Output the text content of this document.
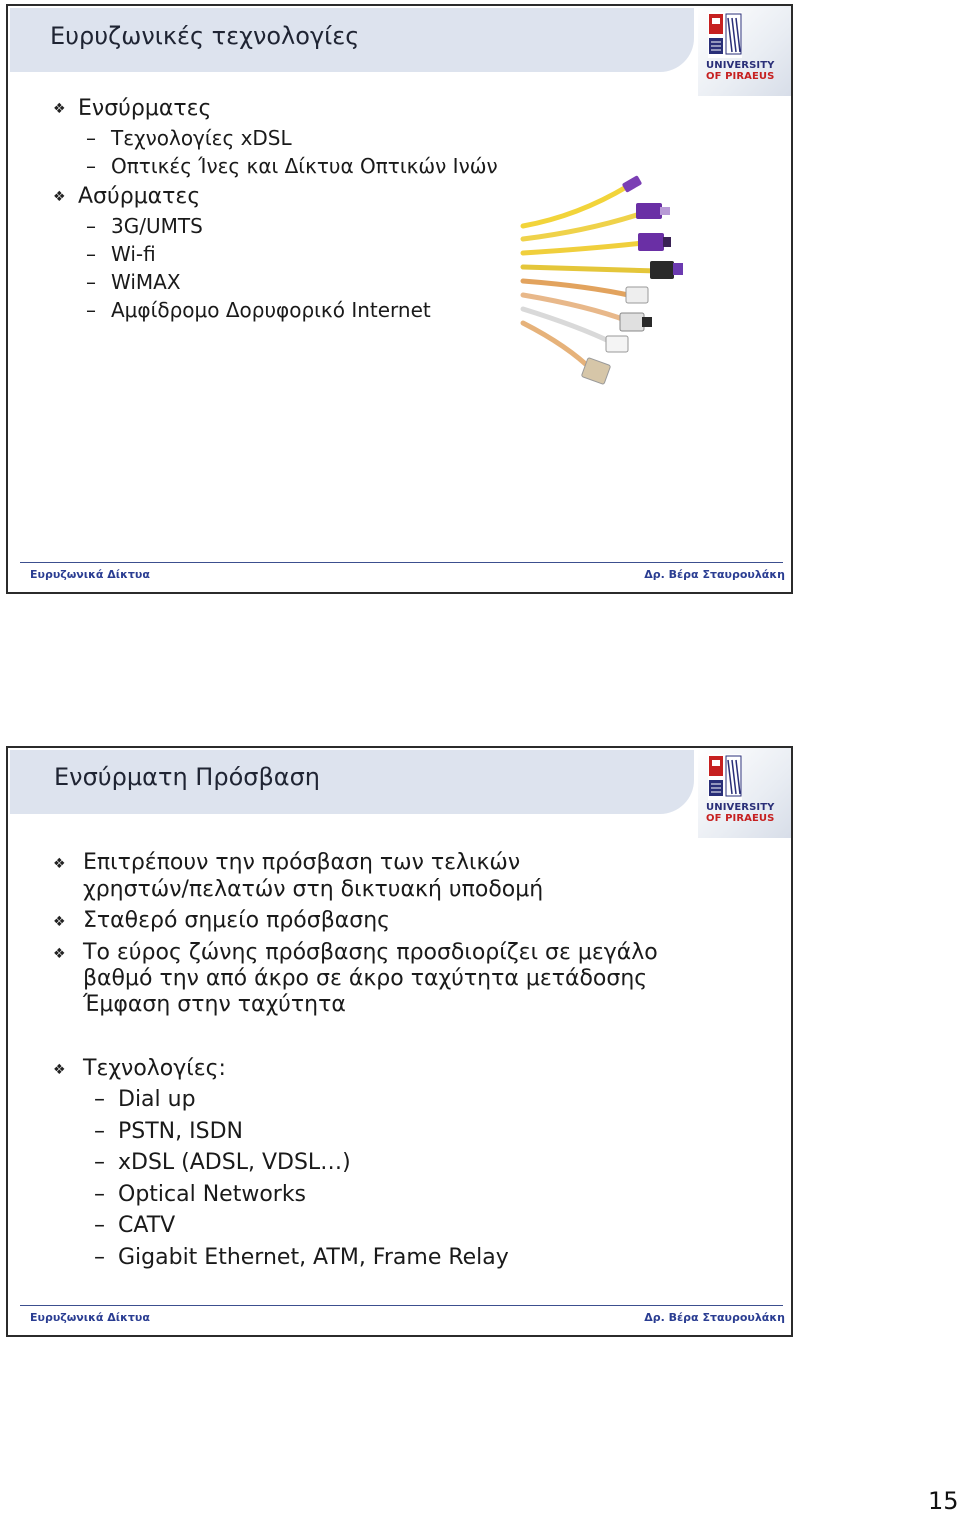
Ευρυζωνικές τεχνολογίες
UNIVERSITY
OF PIRAEUS
❖ Ενσύρματες
– Τεχνολογίες xDSL
– Οπτικές Ίνες και Δίκτυα Οπτικών Ινών
❖ Ασύρματες
– 3G/UMTS
– Wi-fi
– WiMAX
– Αμφίδρομο Δορυφορικό Internet
Ευρυζωνικά Δίκτυα	Δρ. Βέρα Σταυρουλάκη
Ενσύρματη Πρόσβαση
UNIVERSITY
OF PIRAEUS
❖ Επιτρέπουν την πρόσβαση των τελικών
χρηστών/πελατών στη δικτυακή υποδομή
❖ Σταθερό σημείο πρόσβασης
❖ Το εύρος ζώνης πρόσβασης προσδιορίζει σε μεγάλο
βαθμό την από άκρο σε άκρο ταχύτητα μετάδοσης
Έμφαση στην ταχύτητα
❖ Τεχνολογίες:
– Dial up
– PSTN, ISDN
– xDSL (ADSL, VDSL…)
– Optical Networks
– CATV
– Gigabit Ethernet, ATM, Frame Relay
Ευρυζωνικά Δίκτυα	Δρ. Βέρα Σταυρουλάκη
15
